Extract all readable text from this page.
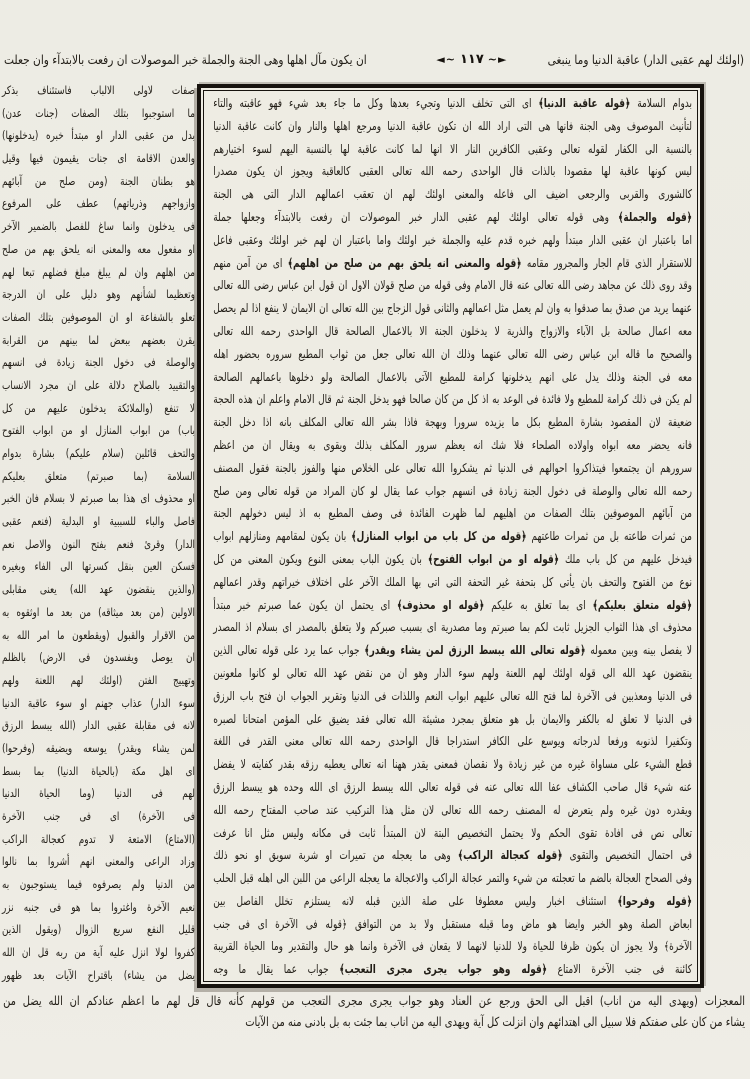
(اولئك لهم عقبى الدار) عاقبة الدنيا وما ينبغى
◄~ ١١٧ ~►
ان يكون مآل اهلها وهى الجنة والجملة خبر الموصولات ان رفعت بالابتدآء وان جعلت
صفات لاولى الالباب فاستئناف بذكر
ما استوجبوا بتلك الصفات (جنات عدن)
بدل من عقبى الدار او مبتدأ خبره (يدخلونها)
والعدن الاقامة اى جنات يقيمون فيها وقيل
هو بطنان الجنة (ومن صلح من آبائهم
وازواجهم وذرياتهم) عطف على المرفوع
فى يدخلون وانما ساغ للفصل بالضمير الآخر
او مفعول معه والمعنى انه يلحق بهم من صلح
من اهلهم وان لم يبلغ مبلغ فضلهم تبعا لهم
وتعظيما لشأنهم وهو دليل على ان الدرجة
تعلو بالشفاعة او ان الموصوفين بتلك الصفات
يقرن بعضهم ببعض لما بينهم من القرابة
والوصلة فى دخول الجنة زيادة فى انسهم
والتقييد بالصلاح دلالة على ان مجرد الانساب
لا تنفع (والملائكة يدخلون عليهم من كل
باب) من ابواب المنازل او من ابواب الفتوح
والتحف قائلين (سلام عليكم) بشارة بدوام
السلامة (بما صبرتم) متعلق بعليكم
او محذوف اى هذا بما صبرتم لا بسلام فان الخبر
فاصل والباء للسببية او البدلية (فنعم عقبى
الدار) وقرئ فنعم بفتح النون والاصل نعم
فسكن العين بنقل كسرتها الى الفاء وبغيره
(والذين ينقضون عهد الله) يعنى مقابلى
الاولين (من بعد ميثاقه) من بعد ما اوثقوه به
من الاقرار والقبول (ويقطعون ما امر الله به
ان يوصل ويفسدون فى الارض) بالظلم
وتهييج الفتن (اولئك لهم اللعنة ولهم
سوء الدار) عذاب جهنم او سوء عاقبة الدنيا
لانه فى مقابلة عقبى الدار (الله يبسط الرزق
لمن يشاء ويقدر) يوسعه ويضيقه (وفرحوا)
اى اهل مكة (بالحياة الدنيا) بما بسط
لهم فى الدنيا (وما الحياة الدنيا
فى الآخرة) اى فى جنب الآخرة
(الامتاع) الامتعة لا تدوم كعجالة الراكب
وزاد الراعى والمعنى انهم أشروا بما نالوا
من الدنيا ولم يصرفوه فيما يستوجبون به
نعيم الآخرة واغتروا بما هو فى جنبه نزر
قليل النفع سريع الزوال (ويقول الذين
كفروا لولا انزل عليه آية من ربه قل ان الله
يضل من يشاء) باقتراح الآيات بعد ظهور
بدوام السلامة ﴿قوله عاقبة الدنيا﴾ اى التى تخلف الدنيا وتجيء بعدها وكل ما جاء بعد شيء فهو عاقبته والتاء
لتأنيث الموصوف وهى الجنة فانها هى التى اراد الله ان تكون عاقبة الدنيا ومرجع اهلها والنار وان كانت عاقبة الدنيا
بالنسبة الى الكفار لقوله تعالى وعقبى الكافرين النار الا انها لما كانت عاقبة لها بالنسبة اليهم لسوء اختيارهم
ليس كونها عاقبة لها مقصودا بالذات قال الواحدى رحمه الله تعالى العقبى كالعاقبة ويجوز ان يكون مصدرا
كالشورى والقربى والرجعى اضيف الى فاعله والمعنى اولئك لهم ان تعقب اعمالهم الدار التى هى الجنة
﴿قوله والجملة﴾ وهى قوله تعالى اولئك لهم عقبى الدار خبر الموصولات ان رفعت بالابتدآء وجعلها جملة
اما باعتبار ان عقبى الدار مبتدأ ولهم خبره قدم عليه والجملة خبر اولئك واما باعتبار ان لهم خبر اولئك وعقبى فاعل
للاستقرار الذى قام الجار والمجرور مقامه ﴿قوله والمعنى انه يلحق بهم من صلح من اهلهم﴾ اى من آمن منهم
وقد روى ذلك عن مجاهد رضى الله تعالى عنه قال الامام وفى قوله من صلح قولان الاول ان قول ابن عباس رضى الله تعالى
عنهما يريد من صدق بما صدقوا به وان لم يعمل مثل اعمالهم والثانى قول الزجاج بين الله تعالى ان الايمان لا ينفع اذا لم يحصل
معه اعمال صالحة بل الآباء والازواج والذرية لا يدخلون الجنة الا بالاعمال الصالحة قال الواحدى رحمه الله تعالى
والصحيح ما قاله ابن عباس رضى الله تعالى عنهما وذلك ان الله تعالى جعل من ثواب المطيع سروره بحضور اهله
معه فى الجنة وذلك يدل على انهم يدخلونها كرامة للمطيع الآتى بالاعمال الصالحة ولو دخلوها باعمالهم الصالحة
لم يكن فى ذلك كرامة للمطيع ولا فائدة فى الوعد به اذ كل من كان صالحا فهو يدخل الجنة ثم قال الامام واعلم ان هذه الحجة
ضعيفة لان المقصود بشارة المطيع بكل ما يزيده سرورا وبهجة فاذا بشر الله تعالى المكلف بانه اذا دخل الجنة
فانه يحضر معه ابواه واولاده الصلحاء فلا شك انه يعظم سرور المكلف بذلك ويقوى به ويقال ان من اعظم
سرورهم ان يجتمعوا فيتذاكروا احوالهم فى الدنيا ثم يشكروا الله تعالى على الخلاص منها والفوز بالجنة فقول المصنف
رحمه الله تعالى والوصلة فى دخول الجنة زيادة فى انسهم جواب عما يقال لو كان المراد من قوله تعالى ومن صلح
من آبائهم الموصوفين بتلك الصفات من اهليهم لما ظهرت الفائدة فى وصف المطيع به اذ ليس دخولهم الجنة
من ثمرات طاعته بل من ثمرات طاعتهم ﴿قوله من كل باب من ابواب المنازل﴾ بان يكون لمقامهم ومنازلهم ابواب
فيدخل عليهم من كل باب ملك ﴿قوله او من ابواب الفتوح﴾ بان يكون الباب بمعنى النوع ويكون المعنى من كل
نوع من الفتوح والتحف بان يأتى كل بتحفة غير التحفة التى اتى بها الملك الآخر على اختلاف خيراتهم وقدر اعمالهم
﴿قوله متعلق بعليكم﴾ اى بما تعلق به عليكم ﴿قوله او محذوف﴾ اى يحتمل ان يكون عما صبرتم خبر مبتدأ
محذوف اى هذا الثواب الجزيل ثابت لكم بما صبرتم وما مصدرية اى بسبب صبركم ولا يتعلق بالمصدر اى بسلام اذ المصدر
لا يفصل بينه وبين معموله ﴿قوله تعالى الله يبسط الرزق لمن يشاء ويقدر﴾ جواب عما يرد على قوله تعالى الذين
ينقضون عهد الله الى قوله اولئك لهم اللعنة ولهم سوء الدار وهو ان من نقض عهد الله تعالى لو كانوا ملعونين
فى الدنيا ومعذبين فى الآخرة لما فتح الله تعالى عليهم ابواب النعم واللذات فى الدنيا وتقرير الجواب ان فتح باب الرزق
فى الدنيا لا تعلق له بالكفر والايمان بل هو متعلق بمجرد مشيئة الله تعالى فقد يضيق على المؤمن امتحانا لصبره
وتكفيرا لذنوبه ورفعا لدرجاته ويوسع على الكافر استدراجا قال الواحدى رحمه الله تعالى معنى القدر فى اللغة
قطع الشيء على مساواة غيره من غير زيادة ولا نقصان فمعنى يقدر ههنا انه تعالى يعطيه رزقه بقدر كفايته لا يفضل
عنه شيء قال صاحب الكشاف عفا الله تعالى عنه فى قوله تعالى الله يبسط الرزق اى الله وحده هو يبسط الرزق
ويقدره دون غيره ولم يتعرض له المصنف رحمه الله تعالى لان مثل هذا التركيب عند صاحب المفتاح رحمه الله
تعالى نص فى افادة تقوى الحكم ولا يحتمل التخصيص البتة لان المبتدأ ثابت فى مكانه وليس مثل انا عرفت
فى احتمال التخصيص والتقوى ﴿قوله كعجالة الراكب﴾ وهى ما يعجله من تميرات او شربة سويق او نحو ذلك
وفى الصحاح العجالة بالضم ما تعجلته من شيء والتمر عجالة الراكب والاعجالة ما يعجله الراعى من اللبن الى اهله قبل الحلب
﴿قوله وفرحوا﴾ استئناف اخبار وليس معطوفا على صلة الذين قبله لانه يستلزم تخلل الفاصل بين
ابعاض الصلة وهو الخبر وايضا هو ماض وما قبله مستقبل ولا بد من التوافق ﴿قوله فى الآخرة اى فى جنب
الآخرة﴾ ولا يجوز ان يكون ظرفا للحياة ولا للدنيا لانهما لا يقعان فى الآخرة وانما هو حال والتقدير وما الحياة القريبة
كائنة فى جنب الآخرة الامتاع ﴿قوله وهو جواب يجرى مجرى التعجب﴾ جواب عما يقال ما وجه
المعجزات (ويهدى اليه من اناب) اقبل الى الحق ورجع عن العناد وهو جواب يجرى مجرى التعجب من قولهم كأنه قال قل لهم ما اعظم عنادكم ان الله يضل من
يشاء من كان على صفتكم فلا سبيل الى اهتدائهم وان انزلت كل آية ويهدى اليه من اناب بما جئت به بل بادنى منه من الآيات
